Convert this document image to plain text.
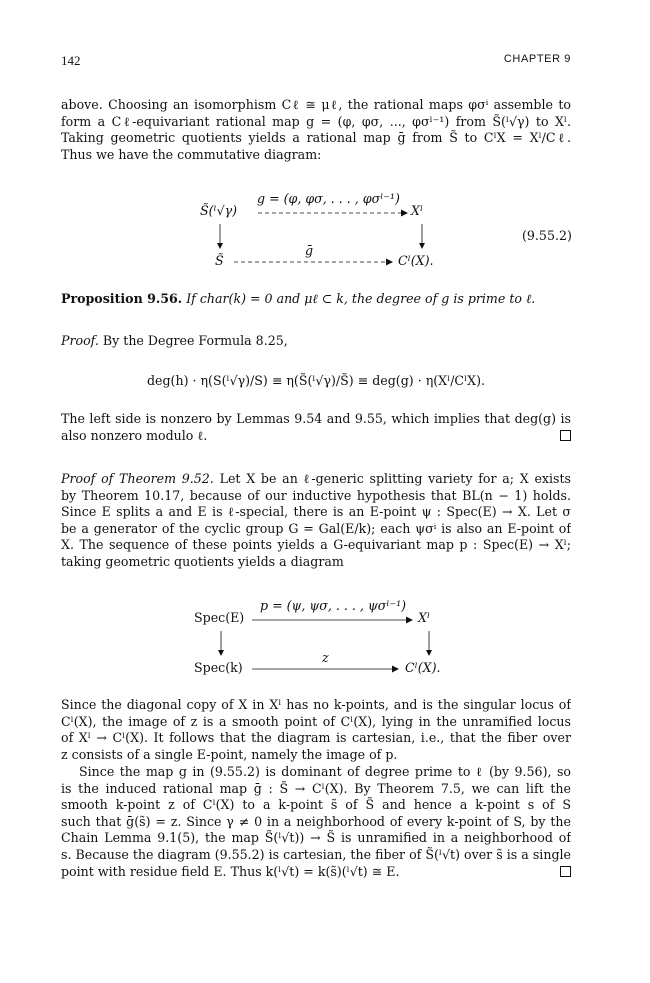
142	CHAPTER 9
above. Choosing an isomorphism Cℓ ≅ μℓ, the rational maps φσⁱ assemble to
form a Cℓ-equivariant rational map g = (φ, φσ, ..., φσˡ⁻¹) from S̃(ˡ√γ) to Xˡ.
Taking geometric quotients yields a rational map ḡ from S̃ to CˡX = Xˡ/Cℓ.
Thus we have the commutative diagram:
S̃(ˡ√γ)
g = (φ, φσ, . . . , φσˡ⁻¹)
Xˡ
S̃
ḡ
Cˡ(X).
(9.55.2)
Proposition 9.56. If char(k) = 0 and μℓ ⊂ k, the degree of g is prime to ℓ.
Proof. By the Degree Formula 8.25,
deg(h) · η(S(ˡ√γ)/S) ≡ η(S̃(ˡ√γ)/S̃) ≡ deg(g) · η(Xˡ/CˡX).
The left side is nonzero by Lemmas 9.54 and 9.55, which implies that deg(g) is
also nonzero modulo ℓ.
Proof of Theorem 9.52. Let X be an ℓ-generic splitting variety for a; X exists
by Theorem 10.17, because of our inductive hypothesis that BL(n − 1) holds.
Since E splits a and E is ℓ-special, there is an E-point ψ : Spec(E) → X. Let σ
be a generator of the cyclic group G = Gal(E/k); each ψσⁱ is also an E-point of
X. The sequence of these points yields a G-equivariant map p : Spec(E) → Xˡ;
taking geometric quotients yields a diagram
Spec(E)
p = (ψ, ψσ, . . . , ψσˡ⁻¹)
Xˡ
Spec(k)
z
Cˡ(X).
Since the diagonal copy of X in Xˡ has no k-points, and is the singular locus of
Cˡ(X), the image of z is a smooth point of Cˡ(X), lying in the unramified locus
of Xˡ → Cˡ(X). It follows that the diagram is cartesian, i.e., that the fiber over
z consists of a single E-point, namely the image of p.
Since the map g in (9.55.2) is dominant of degree prime to ℓ (by 9.56), so
is the induced rational map ḡ : S̃ → Cˡ(X). By Theorem 7.5, we can lift the
smooth k-point z of Cˡ(X) to a k-point s̃ of S̃ and hence a k-point s of S
such that ḡ(s̃) = z. Since γ ≠ 0 in a neighborhood of every k-point of S, by the
Chain Lemma 9.1(5), the map S̃(ˡ√t)) → S̃ is unramified in a neighborhood of
s. Because the diagram (9.55.2) is cartesian, the fiber of S̃(ˡ√t) over s̃ is a single
point with residue field E. Thus k(ˡ√t) = k(s̃)(ˡ√t) ≅ E.
